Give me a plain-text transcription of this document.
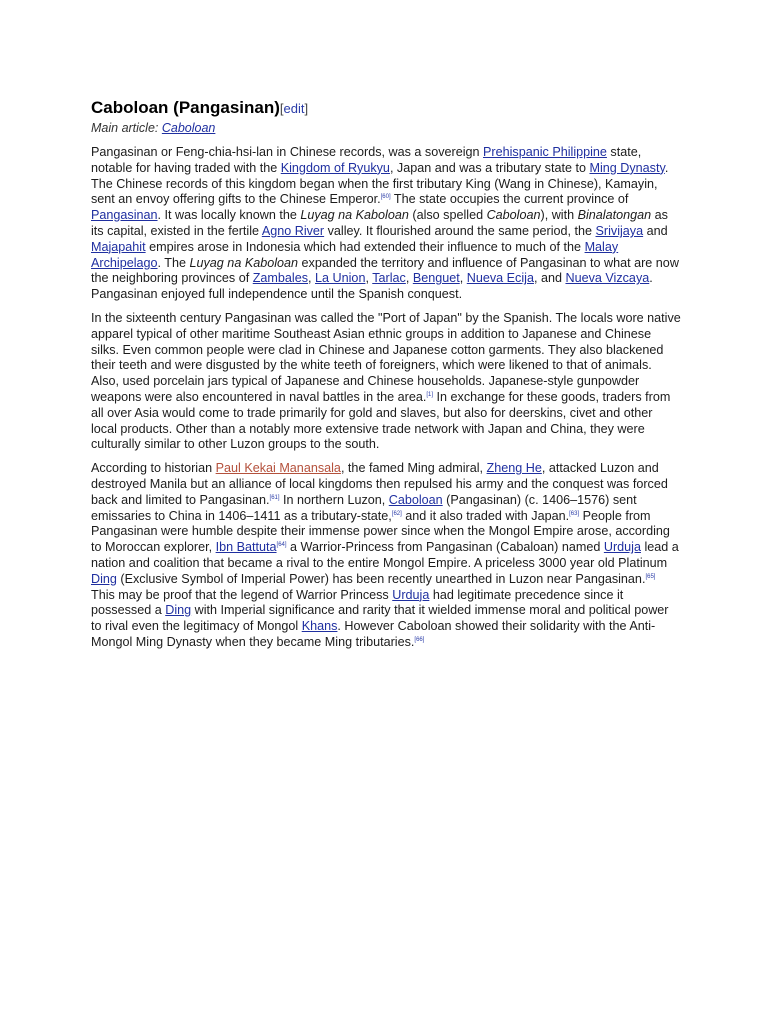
Caboloan (Pangasinan)[edit]
Main article: Caboloan

Pangasinan or Feng-chia-hsi-lan in Chinese records, was a sovereign Prehispanic Philippine state, notable for having traded with the Kingdom of Ryukyu, Japan and was a tributary state to Ming Dynasty. The Chinese records of this kingdom began when the first tributary King (Wang in Chinese), Kamayin, sent an envoy offering gifts to the Chinese Emperor.[60] The state occupies the current province of Pangasinan. It was locally known the Luyag na Kaboloan (also spelled Caboloan), with Binalatongan as its capital, existed in the fertile Agno River valley. It flourished around the same period, the Srivijaya and Majapahit empires arose in Indonesia which had extended their influence to much of the Malay Archipelago. The Luyag na Kaboloan expanded the territory and influence of Pangasinan to what are now the neighboring provinces of Zambales, La Union, Tarlac, Benguet, Nueva Ecija, and Nueva Vizcaya. Pangasinan enjoyed full independence until the Spanish conquest.

In the sixteenth century Pangasinan was called the "Port of Japan" by the Spanish. The locals wore native apparel typical of other maritime Southeast Asian ethnic groups in addition to Japanese and Chinese silks. Even common people were clad in Chinese and Japanese cotton garments. They also blackened their teeth and were disgusted by the white teeth of foreigners, which were likened to that of animals. Also, used porcelain jars typical of Japanese and Chinese households. Japanese-style gunpowder weapons were also encountered in naval battles in the area.[1] In exchange for these goods, traders from all over Asia would come to trade primarily for gold and slaves, but also for deerskins, civet and other local products. Other than a notably more extensive trade network with Japan and China, they were culturally similar to other Luzon groups to the south.

According to historian Paul Kekai Manansala, the famed Ming admiral, Zheng He, attacked Luzon and destroyed Manila but an alliance of local kingdoms then repulsed his army and the conquest was forced back and limited to Pangasinan.[61] In northern Luzon, Caboloan (Pangasinan) (c. 1406–1576) sent emissaries to China in 1406–1411 as a tributary-state,[62] and it also traded with Japan.[63] People from Pangasinan were humble despite their immense power since when the Mongol Empire arose, according to Moroccan explorer, Ibn Battuta[64] a Warrior-Princess from Pangasinan (Cabaloan) named Urduja lead a nation and coalition that became a rival to the entire Mongol Empire. A priceless 3000 year old Platinum Ding (Exclusive Symbol of Imperial Power) has been recently unearthed in Luzon near Pangasinan.[65] This may be proof that the legend of Warrior Princess Urduja had legitimate precedence since it possessed a Ding with Imperial significance and rarity that it wielded immense moral and political power to rival even the legitimacy of Mongol Khans. However Caboloan showed their solidarity with the Anti-Mongol Ming Dynasty when they became Ming tributaries.[66]
